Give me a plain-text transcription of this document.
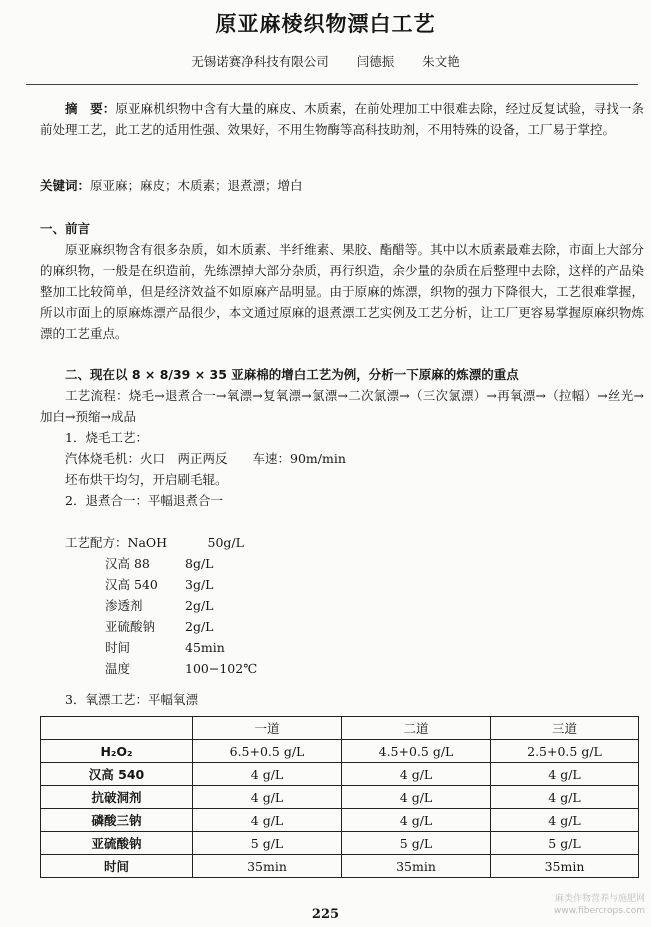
原亚麻棱织物漂白工艺
无锡诺赛净科技有限公司 闫德振 朱文艳

摘　要：原亚麻机织物中含有大量的麻皮、木质素，在前处理加工中很难去除，经过反复试验，寻找一条前处理工艺，此工艺的适用性强、效果好，不用生物酶等高科技助剂，不用特殊的设备，工厂易于掌控。

关键词：原亚麻；麻皮；木质素；退煮漂；增白

一、前言

原亚麻织物含有很多杂质，如木质素、半纤维素、果胶、酯醋等。其中以木质素最难去除，市面上大部分的麻织物，一般是在织造前，先练漂掉大部分杂质，再行织造，余少量的杂质在后整理中去除，这样的产品染整加工比较简单，但是经济效益不如原麻产品明显。由于原麻的炼漂，织物的强力下降很大，工艺很难掌握，所以市面上的原麻炼漂产品很少，本文通过原麻的退煮漂工艺实例及工艺分析，让工厂更容易掌握原麻织物炼漂的工艺重点。

二、现在以 8 × 8/39 × 35 亚麻棉的增白工艺为例，分析一下原麻的炼漂的重点

工艺流程：烧毛→退煮合一→氧漂→复氧漂→氯漂→二次氯漂→（三次氯漂）→再氧漂→（拉幅）→丝光→加白→预缩→成品

1．烧毛工艺：

汽体烧毛机：火口　两正两反　　车速：90m/min

坯布烘干均匀，开启刷毛辊。

2．退煮合一：平幅退煮合一

工艺配方：NaOH	50g/L
汉高 88	8g/L
汉高 540 3g/L
渗透剂	2g/L
亚硫酸钠 2g/L
时间	45min
温度	100−102℃

3．氧漂工艺：平幅氧漂

	一道	二道	三道
H₂O₂	6.5+0.5 g/L	4.5+0.5 g/L	2.5+0.5 g/L
汉高 540	4 g/L	4 g/L	4 g/L
抗破洞剂	4 g/L	4 g/L	4 g/L
磷酸三钠	4 g/L	4 g/L	4 g/L
亚硫酸钠	5 g/L	5 g/L	5 g/L
时间	35min	35min	35min
225
麻类作物营养与施肥网
www.fibercrops.com
